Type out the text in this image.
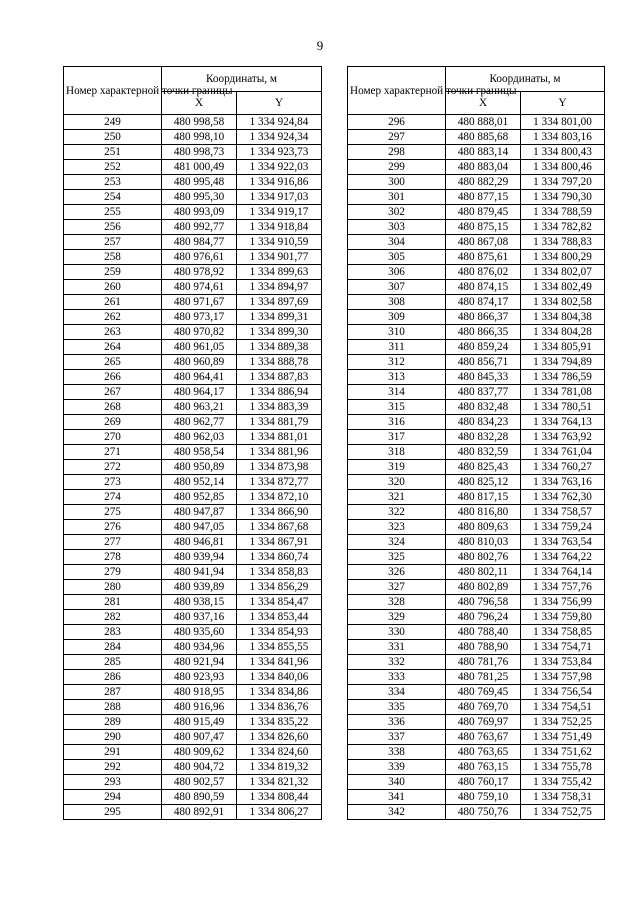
9
Номер характерной точки границы	Координаты, м	
	X	Y
249	480 998,58	1 334 924,84
250	480 998,10	1 334 924,34
251	480 998,73	1 334 923,73
252	481 000,49	1 334 922,03
253	480 995,48	1 334 916,86
254	480 995,30	1 334 917,03
255	480 993,09	1 334 919,17
256	480 992,77	1 334 918,84
257	480 984,77	1 334 910,59
258	480 976,61	1 334 901,77
259	480 978,92	1 334 899,63
260	480 974,61	1 334 894,97
261	480 971,67	1 334 897,69
262	480 973,17	1 334 899,31
263	480 970,82	1 334 899,30
264	480 961,05	1 334 889,38
265	480 960,89	1 334 888,78
266	480 964,41	1 334 887,83
267	480 964,17	1 334 886,94
268	480 963,21	1 334 883,39
269	480 962,77	1 334 881,79
270	480 962,03	1 334 881,01
271	480 958,54	1 334 881,96
272	480 950,89	1 334 873,98
273	480 952,14	1 334 872,77
274	480 952,85	1 334 872,10
275	480 947,87	1 334 866,90
276	480 947,05	1 334 867,68
277	480 946,81	1 334 867,91
278	480 939,94	1 334 860,74
279	480 941,94	1 334 858,83
280	480 939,89	1 334 856,29
281	480 938,15	1 334 854,47
282	480 937,16	1 334 853,44
283	480 935,60	1 334 854,93
284	480 934,96	1 334 855,55
285	480 921,94	1 334 841,96
286	480 923,93	1 334 840,06
287	480 918,95	1 334 834,86
288	480 916,96	1 334 836,76
289	480 915,49	1 334 835,22
290	480 907,47	1 334 826,60
291	480 909,62	1 334 824,60
292	480 904,72	1 334 819,32
293	480 902,57	1 334 821,32
294	480 890,59	1 334 808,44
295	480 892,91	1 334 806,27
Номер характерной точки границы	Координаты, м	
	X	Y
296	480 888,01	1 334 801,00
297	480 885,68	1 334 803,16
298	480 883,14	1 334 800,43
299	480 883,04	1 334 800,46
300	480 882,29	1 334 797,20
301	480 877,15	1 334 790,30
302	480 879,45	1 334 788,59
303	480 875,15	1 334 782,82
304	480 867,08	1 334 788,83
305	480 875,61	1 334 800,29
306	480 876,02	1 334 802,07
307	480 874,15	1 334 802,49
308	480 874,17	1 334 802,58
309	480 866,37	1 334 804,38
310	480 866,35	1 334 804,28
311	480 859,24	1 334 805,91
312	480 856,71	1 334 794,89
313	480 845,33	1 334 786,59
314	480 837,77	1 334 781,08
315	480 832,48	1 334 780,51
316	480 834,23	1 334 764,13
317	480 832,28	1 334 763,92
318	480 832,59	1 334 761,04
319	480 825,43	1 334 760,27
320	480 825,12	1 334 763,16
321	480 817,15	1 334 762,30
322	480 816,80	1 334 758,57
323	480 809,63	1 334 759,24
324	480 810,03	1 334 763,54
325	480 802,76	1 334 764,22
326	480 802,11	1 334 764,14
327	480 802,89	1 334 757,76
328	480 796,58	1 334 756,99
329	480 796,24	1 334 759,80
330	480 788,40	1 334 758,85
331	480 788,90	1 334 754,71
332	480 781,76	1 334 753,84
333	480 781,25	1 334 757,98
334	480 769,45	1 334 756,54
335	480 769,70	1 334 754,51
336	480 769,97	1 334 752,25
337	480 763,67	1 334 751,49
338	480 763,65	1 334 751,62
339	480 763,15	1 334 755,78
340	480 760,17	1 334 755,42
341	480 759,10	1 334 758,31
342	480 750,76	1 334 752,75
